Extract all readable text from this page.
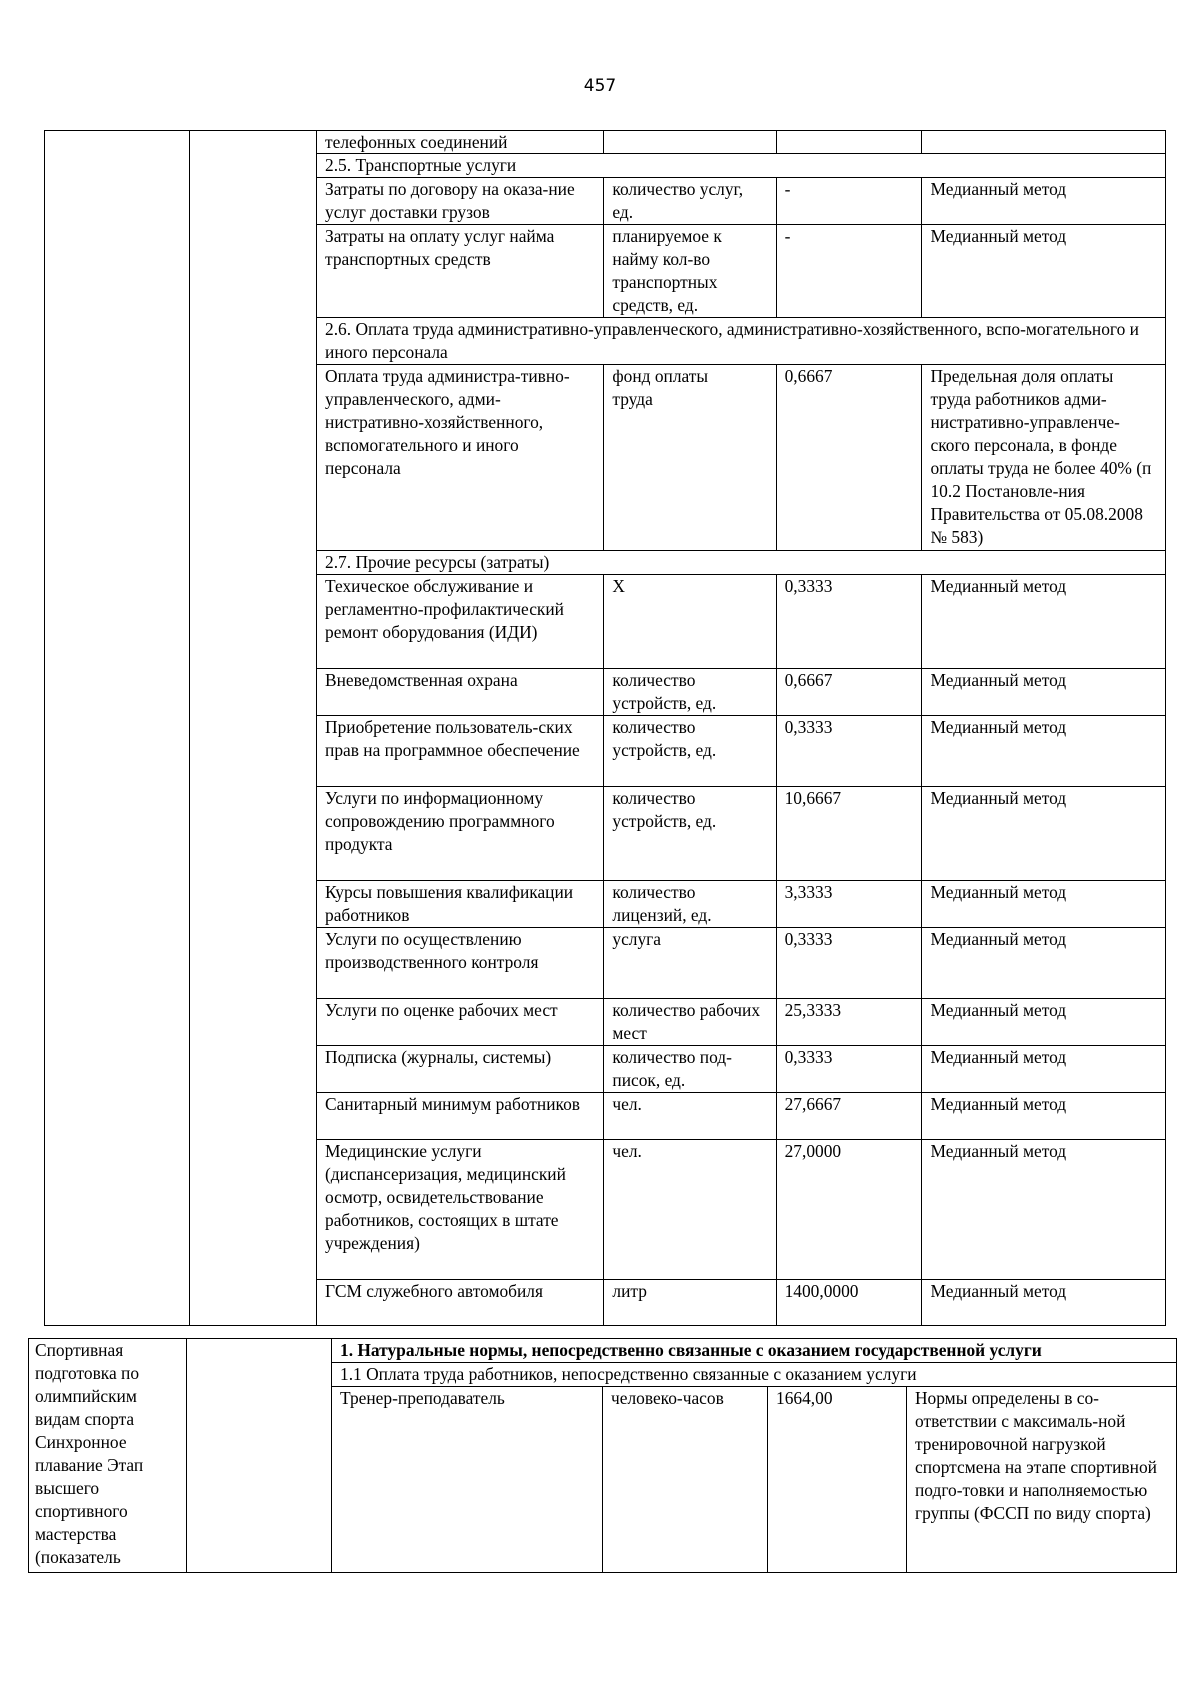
457
		телефонных соединений			
		2.5. Транспортные услуги			
		Затраты по договору на оказа-ние услуг доставки грузов	количество услуг, ед.	-	Медианный метод
		Затраты на оплату услуг найма транспортных средств	планируемое к найму кол-во транспортных средств, ед.	-	Медианный метод
		2.6. Оплата труда административно-управленческого, административно-хозяйственного, вспо-могательного и иного персонала			
		Оплата труда администра-тивно-управленческого, адми-нистративно-хозяйственного, вспомогательного и иного персонала	фонд оплаты труда	0,6667	Предельная доля оплаты труда работников адми-нистративно-управленче-ского персонала, в фонде оплаты труда не более 40% (п 10.2 Постановле-ния Правительства от 05.08.2008 № 583)
		2.7. Прочие ресурсы (затраты)			
		Техическое обслуживание и регламентно-профилактический ремонт оборудования (ИДИ)	Х	0,3333	Медианный метод
		Вневедомственная охрана	количество устройств, ед.	0,6667	Медианный метод
		Приобретение пользователь-ских прав на программное обеспечение	количество устройств, ед.	0,3333	Медианный метод
		Услуги по информационному сопровождению программного продукта	количество устройств, ед.	10,6667	Медианный метод
		Курсы повышения квалификации работников	количество лицензий, ед.	3,3333	Медианный метод
		Услуги по осуществлению производственного контроля	услуга	0,3333	Медианный метод
		Услуги по оценке рабочих мест	количество рабочих мест	25,3333	Медианный метод
		Подписка (журналы, системы)	количество под-писок, ед.	0,3333	Медианный метод
		Санитарный минимум работников	чел.	27,6667	Медианный метод
		Медицинские услуги (диспансеризация, медицинский осмотр, освидетельствование работников, состоящих в штате учреждения)	чел.	27,0000	Медианный метод
		ГСМ служебного автомобиля	литр	1400,0000	Медианный метод
Спортивная подготовка по олимпийским видам спорта Синхронное плавание Этап высшего спортивного мастерства (показатель		1. Натуральные нормы, непосредственно связанные с оказанием государственной услуги			
		1.1 Оплата труда работников, непосредственно связанные с оказанием услуги			
		Тренер-преподаватель	человеко-часов	1664,00	Нормы определены в со-ответствии с максималь-ной тренировочной нагрузкой спортсмена на этапе спортивной подго-товки и наполняемостью группы (ФССП по виду спорта)
